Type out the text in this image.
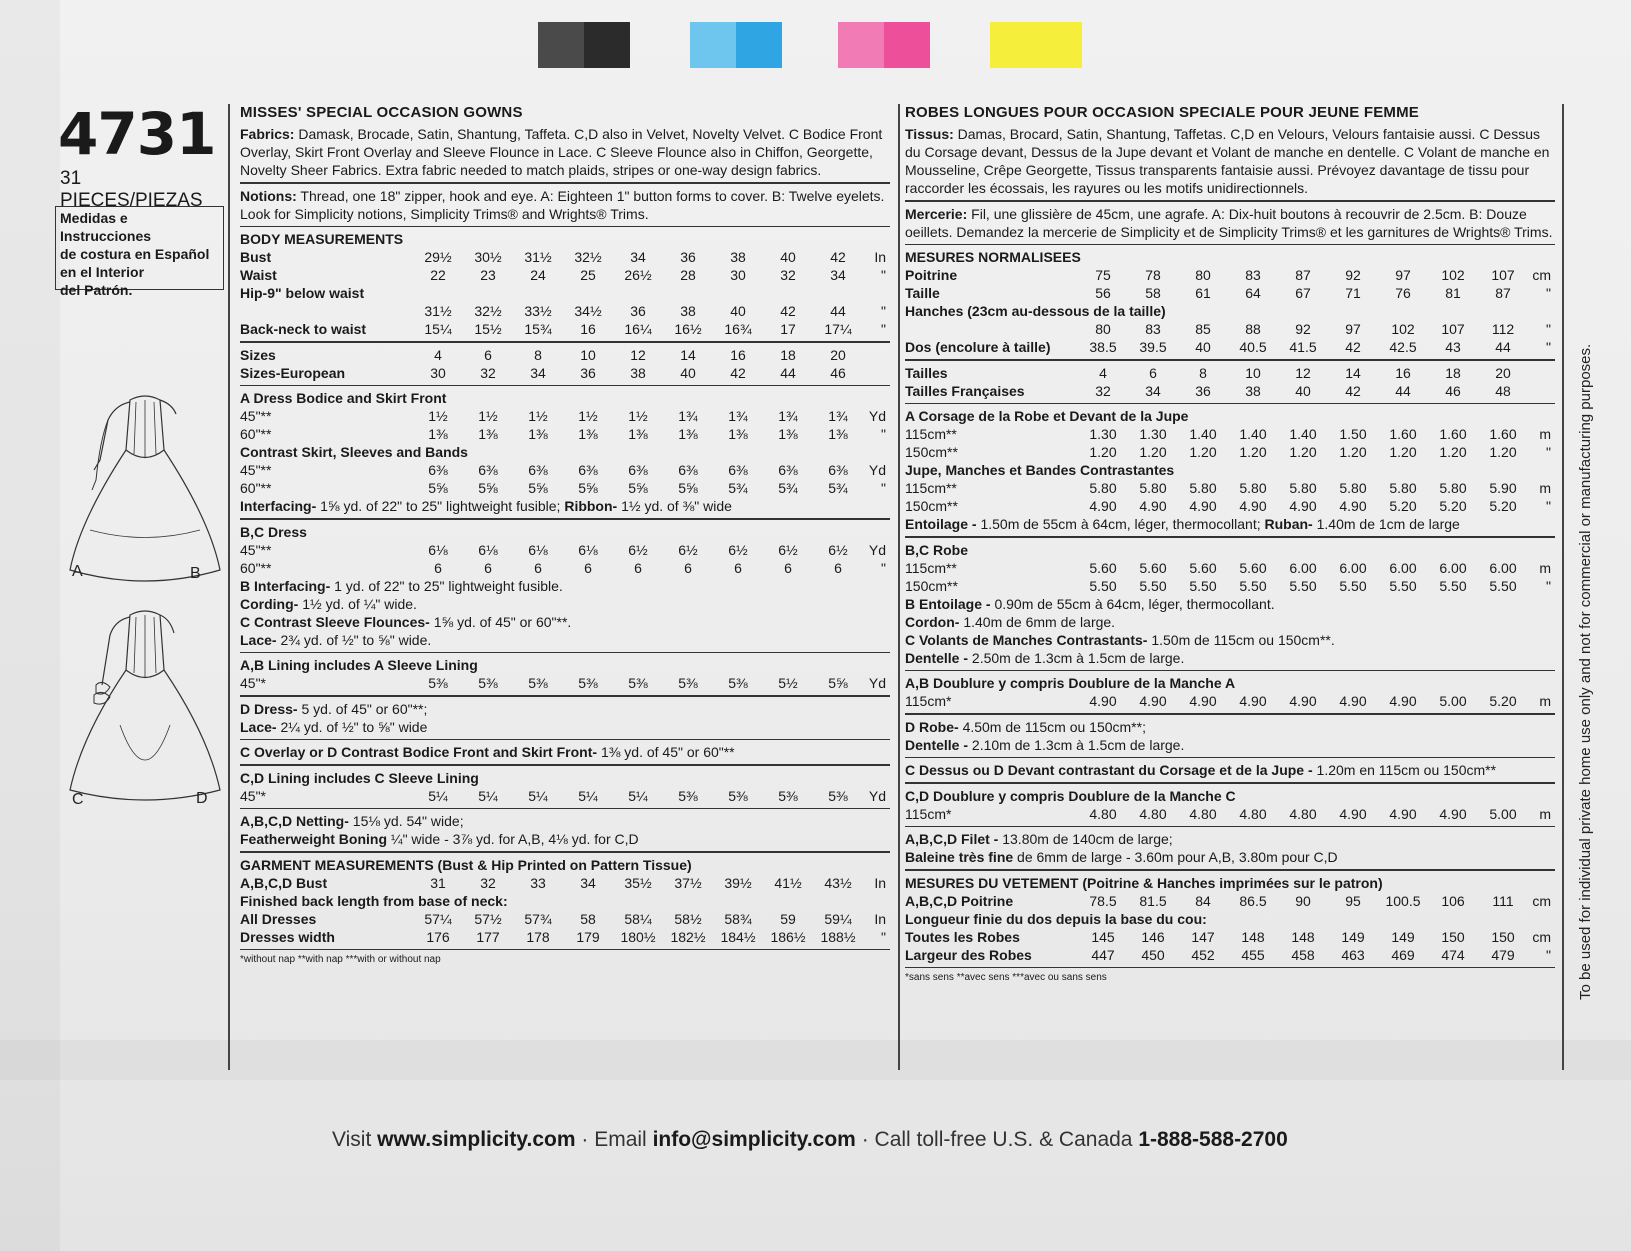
4731
31 PIECES/PIEZAS
Medidas e Instrucciones
de costura en Español
en el Interior
del Patrón.
A	B
C	D
MISSES' SPECIAL OCCASION GOWNS
Fabrics: Damask, Brocade, Satin, Shantung, Taffeta. C,D also in Velvet, Novelty Velvet. C Bodice Front Overlay, Skirt Front Overlay and Sleeve Flounce in Lace. C Sleeve Flounce also in Chiffon, Georgette, Novelty Sheer Fabrics. Extra fabric needed to match plaids, stripes or one-way design fabrics.
Notions: Thread, one 18" zipper, hook and eye. A: Eighteen 1" button forms to cover. B: Twelve eyelets. Look for Simplicity notions, Simplicity Trims® and Wrights® Trims.
BODY MEASUREMENTS
Bust	29½	30½	31½	32½	34	36	38	40	42	In
Waist	22	23	24	25	26½	28	30	32	34	"
Hip-9" below waist
31½	32½	33½	34½	36	38	40	42	44	"
Back-neck to waist	15¼	15½	15¾	16	16¼	16½	16¾	17	17¼	"
Sizes	4	6	8	10	12	14	16	18	20
Sizes-European	30	32	34	36	38	40	42	44	46
A Dress Bodice and Skirt Front
45"**	1½	1½	1½	1½	1½	1¾	1¾	1¾	1¾	Yd
60"**	1⅜	1⅜	1⅜	1⅜	1⅜	1⅜	1⅜	1⅜	1⅜	"
Contrast Skirt, Sleeves and Bands
45"**	6⅜	6⅜	6⅜	6⅜	6⅜	6⅜	6⅜	6⅜	6⅜	Yd
60"**	5⅝	5⅝	5⅝	5⅝	5⅝	5⅝	5¾	5¾	5¾	"
Interfacing- 1⅝ yd. of 22" to 25" lightweight fusible; Ribbon- 1½ yd. of ⅜" wide
B,C Dress
45"**	6⅛	6⅛	6⅛	6⅛	6½	6½	6½	6½	6½	Yd
60"**	6	6	6	6	6	6	6	6	6	"
B Interfacing- 1 yd. of 22" to 25" lightweight fusible.
Cording- 1½ yd. of ¼" wide.
C Contrast Sleeve Flounces- 1⅝ yd. of 45" or 60"**.
Lace- 2¾ yd. of ½" to ⅝" wide.
A,B Lining includes A Sleeve Lining
45"*	5⅜	5⅜	5⅜	5⅜	5⅜	5⅜	5⅜	5½	5⅝	Yd
D Dress- 5 yd. of 45" or 60"**;
Lace- 2¼ yd. of ½" to ⅝" wide
C Overlay or D Contrast Bodice Front and Skirt Front- 1⅜ yd. of 45" or 60"**
C,D Lining includes C Sleeve Lining
45"*	5¼	5¼	5¼	5¼	5¼	5⅜	5⅜	5⅜	5⅜	Yd
A,B,C,D Netting- 15⅛ yd. 54" wide;
Featherweight Boning ¼" wide - 3⅞ yd. for A,B, 4⅛ yd. for C,D
GARMENT MEASUREMENTS (Bust & Hip Printed on Pattern Tissue)
A,B,C,D Bust	31	32	33	34	35½	37½	39½	41½	43½	In
Finished back length from base of neck:
All Dresses	57¼	57½	57¾	58	58¼	58½	58¾	59	59¼	In
Dresses width	176	177	178	179	180½	182½	184½	186½	188½	"
*without nap **with nap ***with or without nap
ROBES LONGUES POUR OCCASION SPECIALE POUR JEUNE FEMME
Tissus: Damas, Brocard, Satin, Shantung, Taffetas. C,D en Velours, Velours fantaisie aussi. C Dessus du Corsage devant, Dessus de la Jupe devant et Volant de manche en dentelle. C Volant de manche en Mousseline, Crêpe Georgette, Tissus transparents fantaisie aussi. Prévoyez davantage de tissu pour raccorder les écossais, les rayures ou les motifs unidirectionnels.
Mercerie: Fil, une glissière de 45cm, une agrafe. A: Dix-huit boutons à recouvrir de 2.5cm. B: Douze oeillets. Demandez la mercerie de Simplicity et de Simplicity Trims® et les garnitures de Wrights® Trims.
MESURES NORMALISEES
Poitrine	75	78	80	83	87	92	97	102	107	cm
Taille	56	58	61	64	67	71	76	81	87	"
Hanches (23cm au-dessous de la taille)
80	83	85	88	92	97	102	107	112	"
Dos (encolure à taille)	38.5	39.5	40	40.5	41.5	42	42.5	43	44	"
Tailles	4	6	8	10	12	14	16	18	20
Tailles Françaises	32	34	36	38	40	42	44	46	48
A Corsage de la Robe et Devant de la Jupe
115cm**	1.30	1.30	1.40	1.40	1.40	1.50	1.60	1.60	1.60	m
150cm**	1.20	1.20	1.20	1.20	1.20	1.20	1.20	1.20	1.20	"
Jupe, Manches et Bandes Contrastantes
115cm**	5.80	5.80	5.80	5.80	5.80	5.80	5.80	5.80	5.90	m
150cm**	4.90	4.90	4.90	4.90	4.90	4.90	5.20	5.20	5.20	"
Entoilage - 1.50m de 55cm à 64cm, léger, thermocollant; Ruban- 1.40m de 1cm de large
B,C Robe
115cm**	5.60	5.60	5.60	5.60	6.00	6.00	6.00	6.00	6.00	m
150cm**	5.50	5.50	5.50	5.50	5.50	5.50	5.50	5.50	5.50	"
B Entoilage - 0.90m de 55cm à 64cm, léger, thermocollant.
Cordon- 1.40m de 6mm de large.
C Volants de Manches Contrastants- 1.50m de 115cm ou 150cm**.
Dentelle - 2.50m de 1.3cm à 1.5cm de large.
A,B Doublure y compris Doublure de la Manche A
115cm*	4.90	4.90	4.90	4.90	4.90	4.90	4.90	5.00	5.20	m
D Robe- 4.50m de 115cm ou 150cm**;
Dentelle - 2.10m de 1.3cm à 1.5cm de large.
C Dessus ou D Devant contrastant du Corsage et de la Jupe - 1.20m en 115cm ou 150cm**
C,D Doublure y compris Doublure de la Manche C
115cm*	4.80	4.80	4.80	4.80	4.80	4.90	4.90	4.90	5.00	m
A,B,C,D Filet - 13.80m de 140cm de large;
Baleine très fine de 6mm de large - 3.60m pour A,B, 3.80m pour C,D
MESURES DU VETEMENT (Poitrine & Hanches imprimées sur le patron)
A,B,C,D Poitrine	78.5	81.5	84	86.5	90	95	100.5	106	111	cm
Longueur finie du dos depuis la base du cou:
Toutes les Robes	145	146	147	148	148	149	149	150	150	cm
Largeur des Robes	447	450	452	455	458	463	469	474	479	"
*sans sens **avec sens ***avec ou sans sens	To be used for individual private home use only and not for commercial or manufacturing purposes.
Visit www.simplicity.com · Email info@simplicity.com · Call toll-free U.S. & Canada 1-888-588-2700
